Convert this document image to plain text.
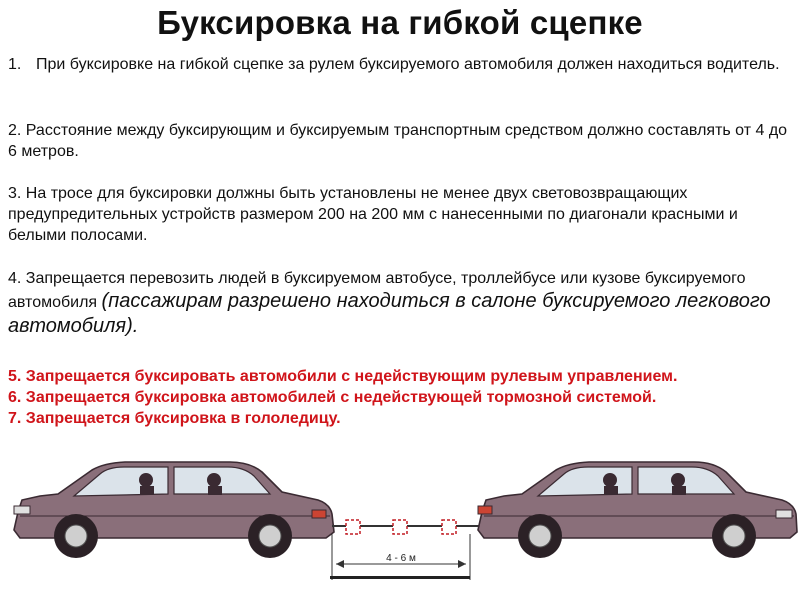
Буксировка на гибкой сцепке
1. При буксировке на гибкой сцепке за рулем буксируемого автомобиля должен находиться водитель.
2. Расстояние между буксирующим и буксируемым транспортным средством должно составлять от 4 до 6 метров.
3. На тросе для буксировки должны быть установлены не менее двух световозвращающих предупредительных устройств размером 200 на 200 мм с нанесенными по диагонали красными и белыми полосами.
4. Запрещается перевозить людей в буксируемом автобусе, троллейбусе или кузове буксируемого автомобиля (пассажирам разрешено находиться в салоне буксируемого легкового автомобиля).
5. Запрещается буксировать автомобили с недействующим рулевым управлением.
6. Запрещается буксировка автомобилей с недействующей тормозной системой.
7. Запрещается буксировка в гололедицу.
4 - 6 м
